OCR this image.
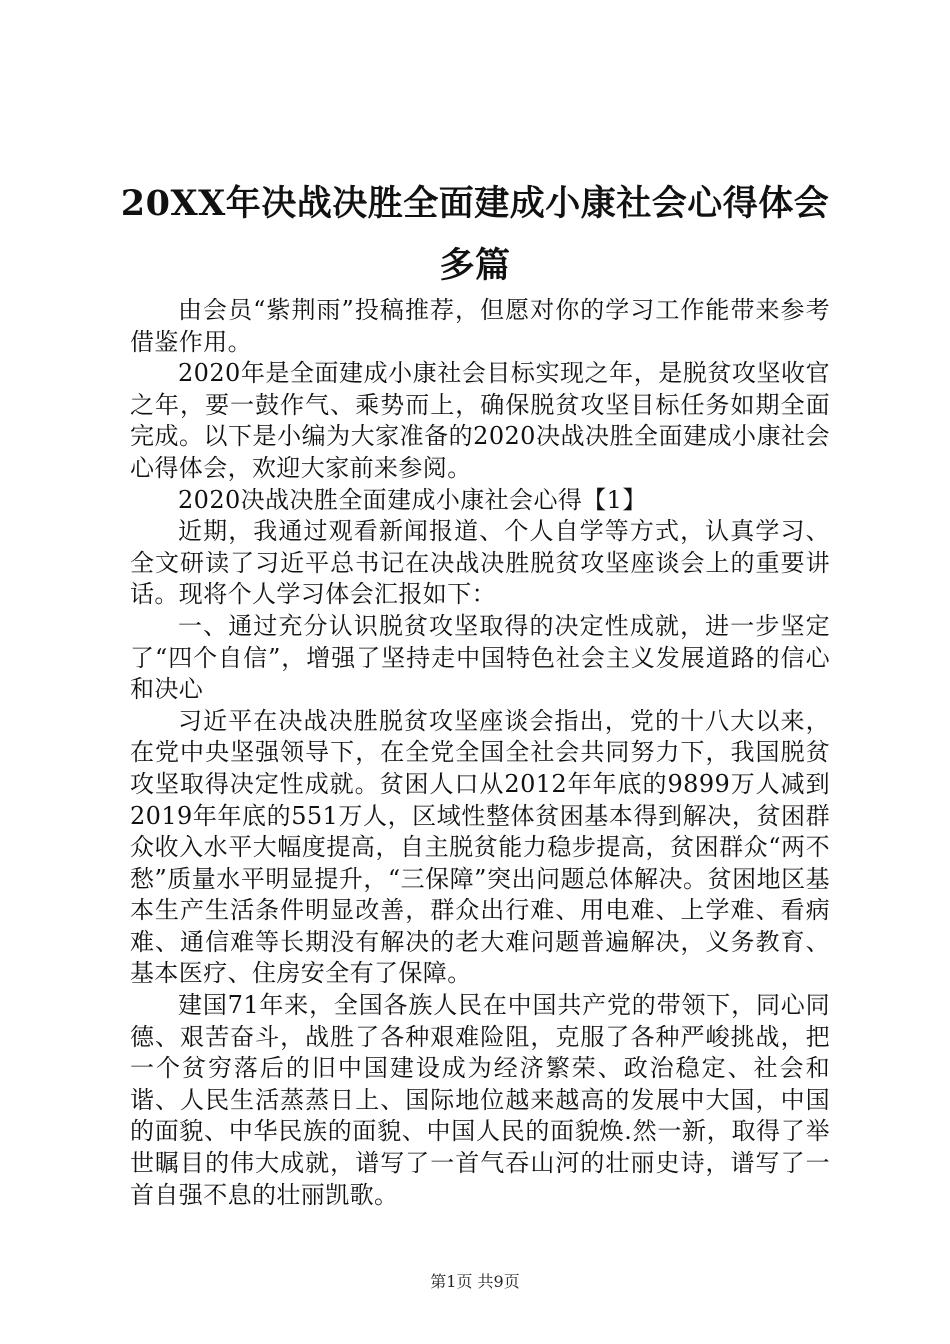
20XX年决战决胜全面建成小康社会心得体会
多篇

由会员“紫荆雨”投稿推荐，但愿对你的学习工作能带来参考借鉴作用。

2020年是全面建成小康社会目标实现之年，是脱贫攻坚收官之年，要一鼓作气、乘势而上，确保脱贫攻坚目标任务如期全面完成。以下是小编为大家准备的2020决战决胜全面建成小康社会心得体会，欢迎大家前来参阅。

2020决战决胜全面建成小康社会心得【1】

近期，我通过观看新闻报道、个人自学等方式，认真学习、全文研读了习近平总书记在决战决胜脱贫攻坚座谈会上的重要讲话。现将个人学习体会汇报如下：

一、通过充分认识脱贫攻坚取得的决定性成就，进一步坚定了“四个自信”，增强了坚持走中国特色社会主义发展道路的信心和决心

习近平在决战决胜脱贫攻坚座谈会指出，党的十八大以来，在党中央坚强领导下，在全党全国全社会共同努力下，我国脱贫攻坚取得决定性成就。贫困人口从2012年年底的9899万人减到2019年年底的551万人，区域性整体贫困基本得到解决，贫困群众收入水平大幅度提高，自主脱贫能力稳步提高，贫困群众“两不愁”质量水平明显提升，“三保障”突出问题总体解决。贫困地区基本生产生活条件明显改善，群众出行难、用电难、上学难、看病难、通信难等长期没有解决的老大难问题普遍解决，义务教育、基本医疗、住房安全有了保障。

建国71年来，全国各族人民在中国共产党的带领下，同心同德、艰苦奋斗，战胜了各种艰难险阻，克服了各种严峻挑战，把一个贫穷落后的旧中国建设成为经济繁荣、政治稳定、社会和谐、人民生活蒸蒸日上、国际地位越来越高的发展中大国，中国的面貌、中华民族的面貌、中国人民的面貌焕.然一新，取得了举世瞩目的伟大成就，谱写了一首气吞山河的壮丽史诗，谱写了一首自强不息的壮丽凯歌。

第1页 共9页
